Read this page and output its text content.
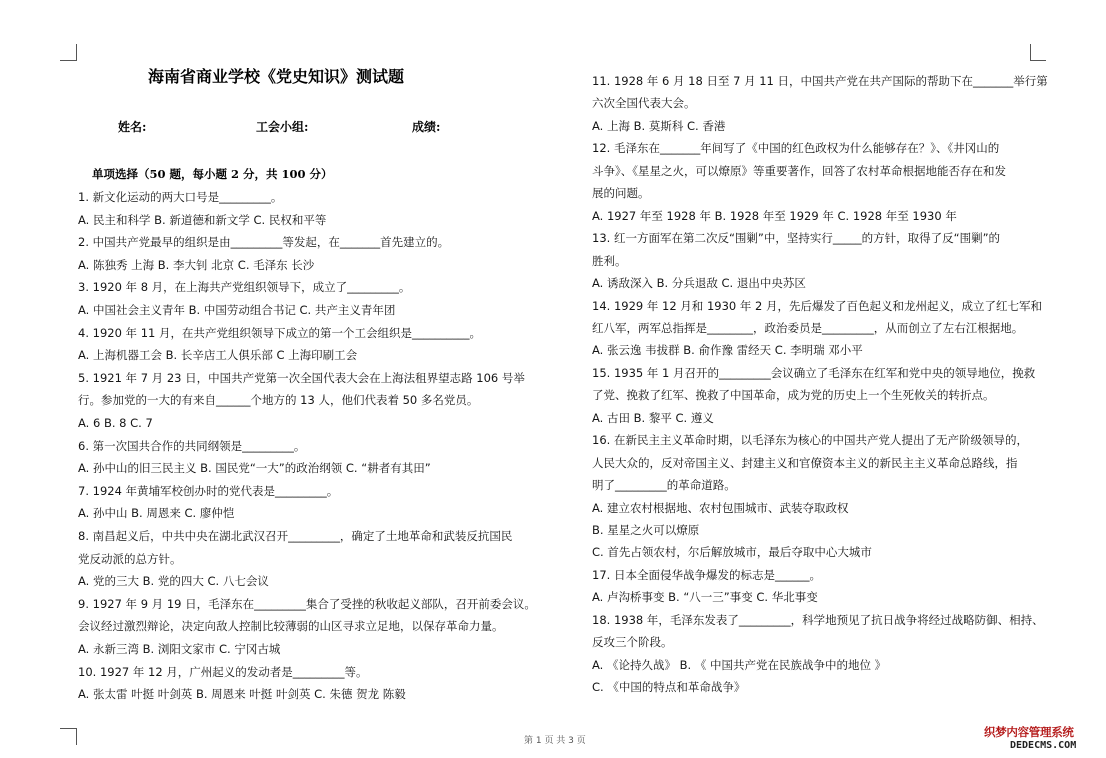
海南省商业学校《党史知识》测试题
姓名:	工会小组:	成绩:
单项选择（50 题，每小题 2 分，共 100 分）
1. 新文化运动的两大口号是_________。
A. 民主和科学 B. 新道德和新文学 C. 民权和平等
2. 中国共产党最早的组织是由_________等发起，在_______首先建立的。
A. 陈独秀 上海 B. 李大钊 北京 C. 毛泽东 长沙
3. 1920 年 8 月，在上海共产党组织领导下，成立了_________。
A. 中国社会主义青年 B. 中国劳动组合书记 C. 共产主义青年团
4. 1920 年 11 月，在共产党组织领导下成立的第一个工会组织是__________。
A. 上海机器工会 B. 长辛店工人俱乐部 C 上海印刷工会
5. 1921 年 7 月 23 日，中国共产党第一次全国代表大会在上海法租界望志路 106 号举
行。参加党的一大的有来自______个地方的 13 人，他们代表着 50 多名党员。
A. 6 B. 8 C. 7
6. 第一次国共合作的共同纲领是_________。
A. 孙中山的旧三民主义 B. 国民党“一大”的政治纲领 C. “耕者有其田”
7. 1924 年黄埔军校创办时的党代表是_________。
A. 孙中山 B. 周恩来 C. 廖仲恺
8. 南昌起义后，中共中央在湖北武汉召开_________，确定了土地革命和武装反抗国民
党反动派的总方针。
A. 党的三大 B. 党的四大 C. 八七会议
9. 1927 年 9 月 19 日，毛泽东在_________集合了受挫的秋收起义部队，召开前委会议。
会议经过激烈辩论，决定向敌人控制比较薄弱的山区寻求立足地，以保存革命力量。
A. 永新三湾 B. 浏阳文家市 C. 宁冈古城
10. 1927 年 12 月，广州起义的发动者是_________等。
A. 张太雷 叶挺 叶剑英 B. 周恩来 叶挺 叶剑英 C. 朱德 贺龙 陈毅
11. 1928 年 6 月 18 日至 7 月 11 日，中国共产党在共产国际的帮助下在_______举行第
六次全国代表大会。
A. 上海 B. 莫斯科 C. 香港
12. 毛泽东在_______年间写了《中国的红色政权为什么能够存在？》、《井冈山的
斗争》、《星星之火，可以燎原》等重要著作，回答了农村革命根据地能否存在和发
展的问题。
A. 1927 年至 1928 年 B. 1928 年至 1929 年 C. 1928 年至 1930 年
13. 红一方面军在第二次反“围剿”中，坚持实行_____的方针，取得了反“围剿”的
胜利。
A. 诱敌深入 B. 分兵退敌 C. 退出中央苏区
14. 1929 年 12 月和 1930 年 2 月，先后爆发了百色起义和龙州起义，成立了红七军和
红八军，两军总指挥是________，政治委员是_________，从而创立了左右江根据地。
A. 张云逸 韦拔群 B. 俞作豫 雷经天 C. 李明瑞 邓小平
15. 1935 年 1 月召开的_________会议确立了毛泽东在红军和党中央的领导地位，挽救
了党、挽救了红军、挽救了中国革命，成为党的历史上一个生死攸关的转折点。
A. 古田 B. 黎平 C. 遵义
16. 在新民主主义革命时期，以毛泽东为核心的中国共产党人提出了无产阶级领导的，
人民大众的，反对帝国主义、封建主义和官僚资本主义的新民主主义革命总路线，指
明了_________的革命道路。
A. 建立农村根据地、农村包围城市、武装夺取政权
B. 星星之火可以燎原
C. 首先占领农村，尔后解放城市，最后夺取中心大城市
17. 日本全面侵华战争爆发的标志是______。
A. 卢沟桥事变 B. “八一三”事变 C. 华北事变
18. 1938 年，毛泽东发表了_________，科学地预见了抗日战争将经过战略防御、相持、
反攻三个阶段。
A. 《论持久战》 B. 《 中国共产党在民族战争中的地位 》
C. 《中国的特点和革命战争》
第 1 页 共 3 页
织梦内容管理系统
DEDECMS.COM
